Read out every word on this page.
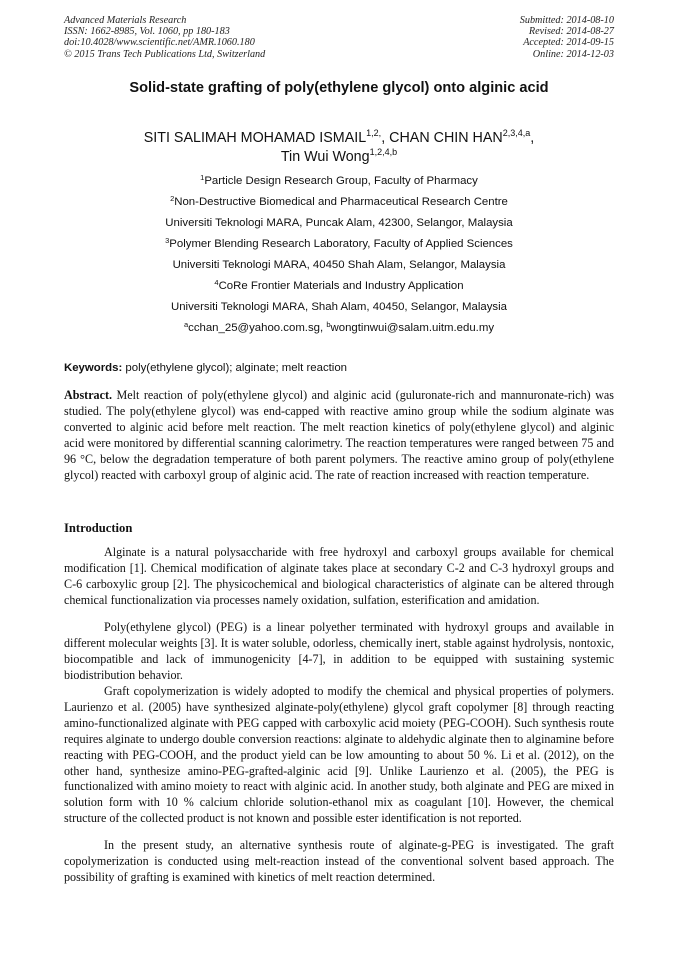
Advanced Materials Research
ISSN: 1662-8985, Vol. 1060, pp 180-183
doi:10.4028/www.scientific.net/AMR.1060.180
© 2015 Trans Tech Publications Ltd, Switzerland
Submitted: 2014-08-10
Revised: 2014-08-27
Accepted: 2014-09-15
Online: 2014-12-03
Solid-state grafting of poly(ethylene glycol) onto alginic acid
SITI SALIMAH MOHAMAD $ISMAIL^{1,2,}$, CHAN CHIN HAN$^{2,3,4,a}$,
Tin Wui Wong$^{1,2,4,b}$
$^1$Particle Design Research Group, Faculty of Pharmacy
$^2$Non-Destructive Biomedical and Pharmaceutical Research Centre
Universiti Teknologi MARA, Puncak Alam, 42300, Selangor, Malaysia
$^3$Polymer Blending Research Laboratory, Faculty of Applied Sciences
Universiti Teknologi MARA, 40450 Shah Alam, Selangor, Malaysia
$^4$CoRe Frontier Materials and Industry Application
Universiti Teknologi MARA, Shah Alam, 40450, Selangor, Malaysia
$^a$cchan_25@yahoo.com.sg, $^b$wongtinwui@salam.uitm.edu.my
Keywords: poly(ethylene glycol); alginate; melt reaction

Abstract. Melt reaction of poly(ethylene glycol) and alginic acid (guluronate-rich and mannuronate-rich) was studied. The poly(ethylene glycol) was end-capped with reactive amino group while the sodium alginate was converted to alginic acid before melt reaction. The melt reaction kinetics of poly(ethylene glycol) and alginic acid were monitored by differential scanning calorimetry. The reaction temperatures were ranged between 75 and 96 °C, below the degradation temperature of both parent polymers. The reactive amino group of poly(ethylene glycol) reacted with carboxyl group of alginic acid. The rate of reaction increased with reaction temperature.

Introduction

Alginate is a natural polysaccharide with free hydroxyl and carboxyl groups available for chemical modification [1]. Chemical modification of alginate takes place at secondary C-2 and C-3 hydroxyl groups and C-6 carboxylic group [2]. The physicochemical and biological characteristics of alginate can be altered through chemical functionalization via processes namely oxidation, sulfation, esterification and amidation.

Poly(ethylene glycol) (PEG) is a linear polyether terminated with hydroxyl groups and available in different molecular weights [3]. It is water soluble, odorless, chemically inert, stable against hydrolysis, nontoxic, biocompatible and lack of immunogenicity [4-7], in addition to be equipped with sustaining systemic biodistribution behavior.

Graft copolymerization is widely adopted to modify the chemical and physical properties of polymers. Laurienzo et al. (2005) have synthesized alginate-poly(ethylene) glycol graft copolymer [8] through reacting amino-functionalized alginate with PEG capped with carboxylic acid moiety (PEG-COOH). Such synthesis route requires alginate to undergo double conversion reactions: alginate to aldehydic alginate then to alginamine before reacting with PEG-COOH, and the product yield can be low amounting to about 50 %. Li et al. (2012), on the other hand, synthesize amino-PEG-grafted-alginic acid [9]. Unlike Laurienzo et al. (2005), the PEG is functionalized with amino moiety to react with alginic acid. In another study, both alginate and PEG are mixed in solution form with 10 % calcium chloride solution-ethanol mix as coagulant [10]. However, the chemical structure of the collected product is not known and possible ester identification is not reported.

In the present study, an alternative synthesis route of alginate-g-PEG is investigated. The graft copolymerization is conducted using melt-reaction instead of the conventional solvent based approach. The possibility of grafting is examined with kinetics of melt reaction determined.
